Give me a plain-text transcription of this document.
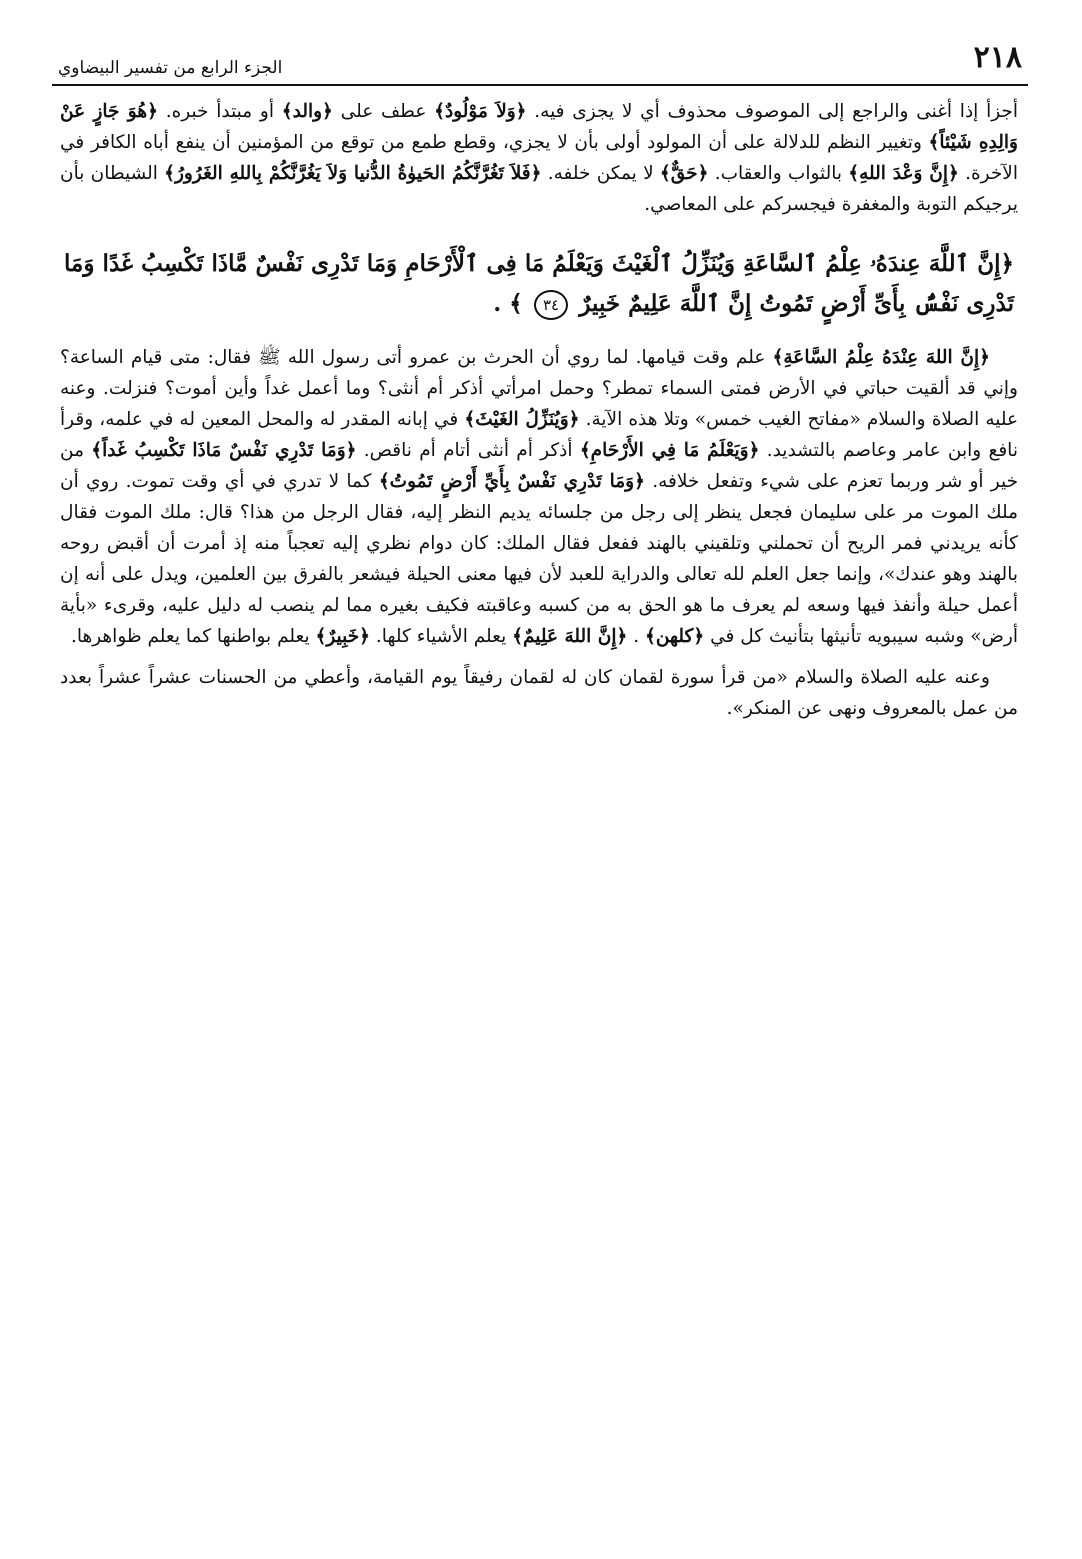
٢١٨
الجزء الرابع من تفسير البيضاوي

أجزأ إذا أغنى والراجع إلى الموصوف محذوف أي لا يجزى فيه. ﴿وَلاَ مَوْلُودٌ﴾ عطف على ﴿والد﴾ أو مبتدأ خبره. ﴿هُوَ جَازٍ عَنْ وَالِدِهِ شَيْئاً﴾ وتغيير النظم للدلالة على أن المولود أولى بأن لا يجزي، وقطع طمع من توقع من المؤمنين أن ينفع أباه الكافر في الآخرة. ﴿إِنَّ وَعْدَ اللهِ﴾ بالثواب والعقاب. ﴿حَقٌّ﴾ لا يمكن خلفه. ﴿فَلاَ تَغُرَّنَّكُمُ الحَيوٰةُ الدُّنيا وَلاَ يَغُرَّنَّكُمْ بِاللهِ الغَرُورُ﴾ الشيطان بأن يرجيكم التوبة والمغفرة فيجسركم على المعاصي.

﴿إِنَّ ٱللَّهَ عِندَهُۥ عِلْمُ ٱلسَّاعَةِ وَيُنَزِّلُ ٱلْغَيْثَ وَيَعْلَمُ مَا فِى ٱلْأَرْحَامِ وَمَا تَدْرِى نَفْسٌ مَّاذَا تَكْسِبُ غَدًا وَمَا تَدْرِى نَفْسٌۢ بِأَىِّ أَرْضٍ تَمُوتُ إِنَّ ٱللَّهَ عَلِيمٌ خَبِيرٌ ٣٤ ﴾ .

﴿إِنَّ اللهَ عِنْدَهُ عِلْمُ السَّاعَةِ﴾ علم وقت قيامها. لما روي أن الحرث بن عمرو أتى رسول الله ﷺ فقال: متى قيام الساعة؟ وإني قد ألقيت حباتي في الأرض فمتى السماء تمطر؟ وحمل امرأتي أذكر أم أنثى؟ وما أعمل غداً وأين أموت؟ فنزلت. وعنه عليه الصلاة والسلام «مفاتح الغيب خمس» وتلا هذه الآية. ﴿وَيُنَزِّلُ الغَيْثَ﴾ في إبانه المقدر له والمحل المعين له في علمه، وقرأ نافع وابن عامر وعاصم بالتشديد. ﴿وَيَعْلَمُ مَا فِي الأَرْحَامِ﴾ أذكر أم أنثى أتام أم ناقص. ﴿وَمَا تَدْرِي نَفْسٌ مَاذَا تَكْسِبُ غَداً﴾ من خير أو شر وربما تعزم على شيء وتفعل خلافه. ﴿وَمَا تَدْرِي نَفْسٌ بِأَيِّ أَرْضٍ تَمُوتُ﴾ كما لا تدري في أي وقت تموت. روي أن ملك الموت مر على سليمان فجعل ينظر إلى رجل من جلسائه يديم النظر إليه، فقال الرجل من هذا؟ قال: ملك الموت فقال كأنه يريدني فمر الريح أن تحملني وتلقيني بالهند ففعل فقال الملك: كان دوام نظري إليه تعجباً منه إذ أمرت أن أقبض روحه بالهند وهو عندك»، وإنما جعل العلم لله تعالى والدراية للعبد لأن فيها معنى الحيلة فيشعر بالفرق بين العلمين، ويدل على أنه إن أعمل حيلة وأنفذ فيها وسعه لم يعرف ما هو الحق به من كسبه وعاقبته فكيف بغيره مما لم ينصب له دليل عليه، وقرىء «بأية أرض» وشبه سيبويه تأنيثها بتأنيث كل في ﴿كلهن﴾ . ﴿إِنَّ اللهَ عَلِيمٌ﴾ يعلم الأشياء كلها. ﴿خَبِيرٌ﴾ يعلم بواطنها كما يعلم ظواهرها.

وعنه عليه الصلاة والسلام «من قرأ سورة لقمان كان له لقمان رفيقاً يوم القيامة، وأعطي من الحسنات عشراً عشراً بعدد من عمل بالمعروف ونهى عن المنكر».
